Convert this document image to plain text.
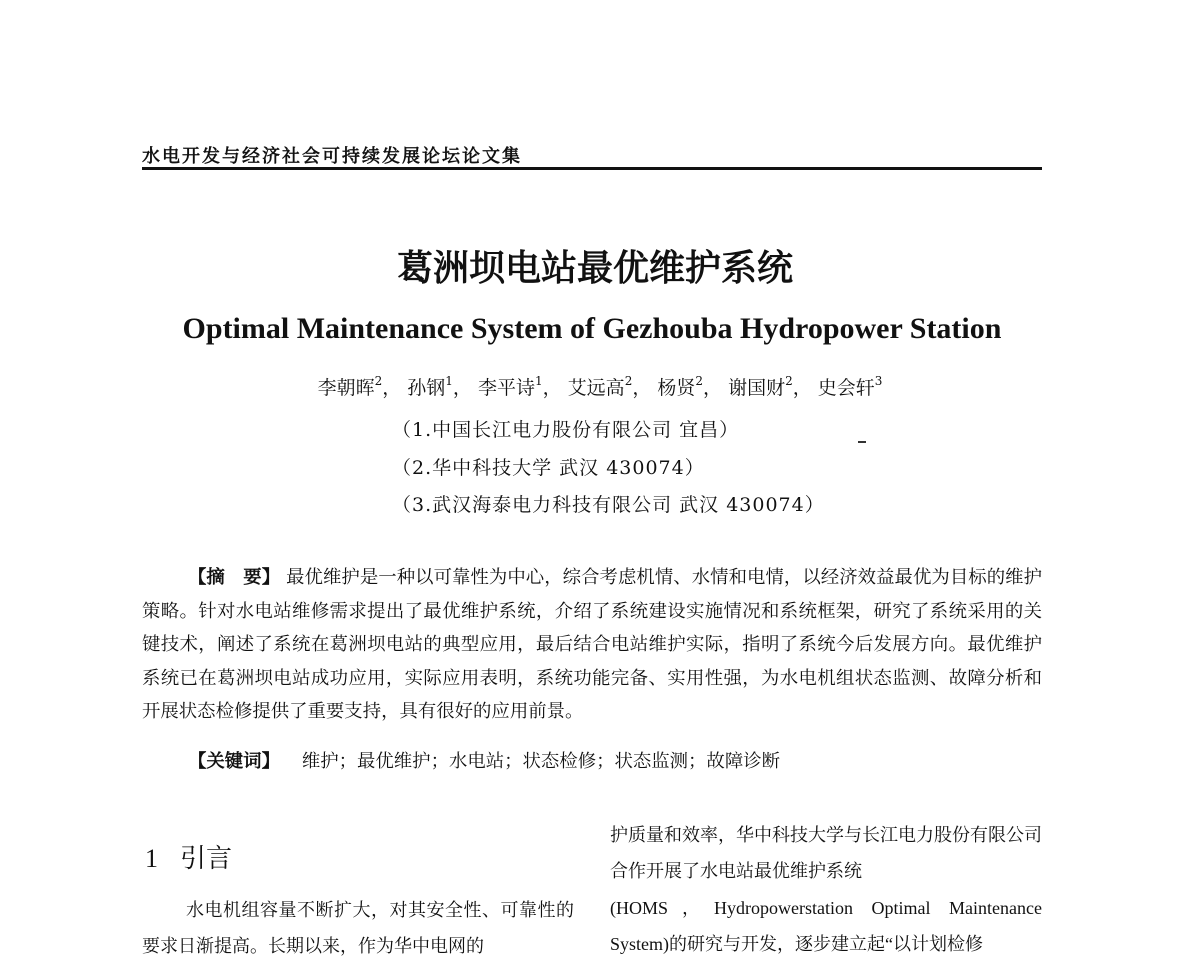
水电开发与经济社会可持续发展论坛论文集
葛洲坝电站最优维护系统
Optimal Maintenance System of Gezhouba Hydropower Station
李朝晖$^2$， 孙钢$^1$， 李平诗$^1$， 艾远高$^2$， 杨贤$^2$， 谢国财$^2$， 史会轩$^3$
（1.中国长江电力股份有限公司 宜昌）
（2.华中科技大学 武汉 430074）
（3.武汉海泰电力科技有限公司 武汉 430074）
【摘　要】 最优维护是一种以可靠性为中心，综合考虑机情、水情和电情，以经济效益最优为目标的维护策略。针对水电站维修需求提出了最优维护系统，介绍了系统建设实施情况和系统框架，研究了系统采用的关键技术，阐述了系统在葛洲坝电站的典型应用，最后结合电站维护实际，指明了系统今后发展方向。最优维护系统已在葛洲坝电站成功应用，实际应用表明，系统功能完备、实用性强，为水电机组状态监测、故障分析和开展状态检修提供了重要支持，具有很好的应用前景。
【关键词】 维护；最优维护；水电站；状态检修；状态监测；故障诊断
1 引言
水电机组容量不断扩大，对其安全性、可靠性的要求日渐提高。长期以来，作为华中电网的
护质量和效率，华中科技大学与长江电力股份有限公司合作开展了水电站最优维护系统
(HOMS，Hydropowerstation Optimal Maintenance System)的研究与开发，逐步建立起“以计划检修
